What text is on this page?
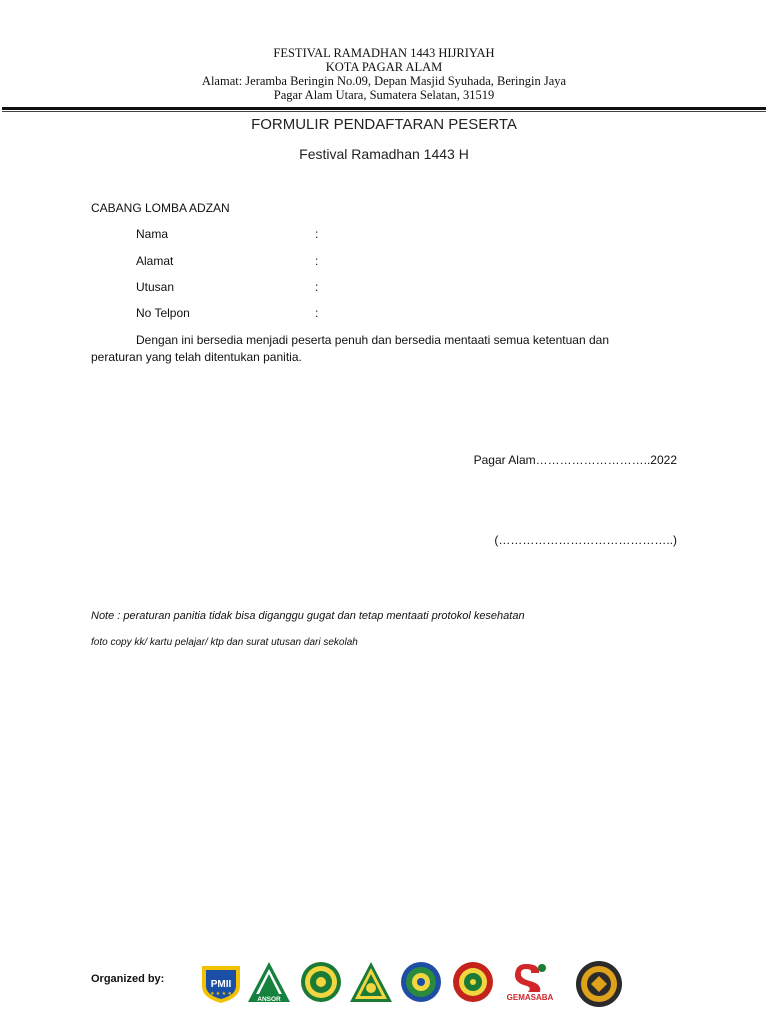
FESTIVAL RAMADHAN 1443 HIJRIYAH
KOTA PAGAR ALAM
Alamat: Jeramba Beringin No.09, Depan Masjid Syuhada, Beringin Jaya
Pagar Alam Utara, Sumatera Selatan, 31519
FORMULIR PENDAFTARAN PESERTA
Festival Ramadhan 1443 H
CABANG LOMBA ADZAN
Nama	:
Alamat	:
Utusan	:
No Telpon	:
Dengan ini bersedia menjadi peserta penuh dan bersedia mentaati semua ketentuan dan peraturan yang telah ditentukan panitia.
Pagar Alam………………………..2022
(……………………………………..)
Note : peraturan panitia tidak bisa diganggu gugat dan tetap mentaati protokol kesehatan
foto copy kk/ kartu pelajar/ ktp dan surat utusan dari sekolah
Organized by:	PMII
★ ★ ★ ★
ANSOR	GEMASABA
